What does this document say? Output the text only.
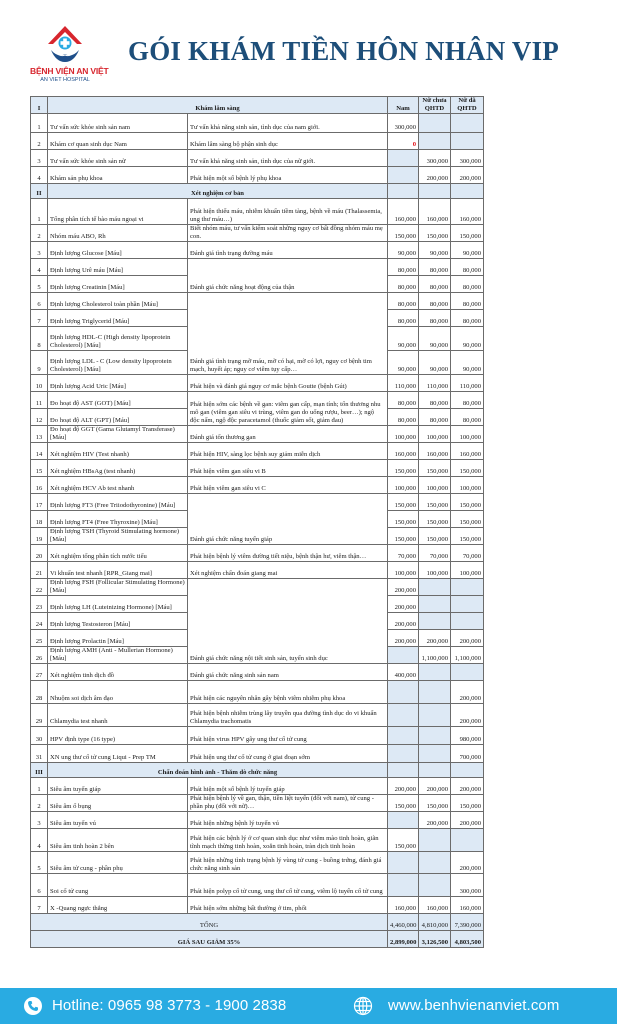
BỆNH VIỆN AN VIỆT
AN VIET HOSPITAL
GÓI KHÁM TIỀN HÔN NHÂN VIP
I	Khám lâm sàng		Nam	Nữ chưa QHTD	Nữ đã QHTD
1	Tư vấn sức khỏe sinh sản nam	Tư vấn khả năng sinh sản, tình dục của nam giới.	300,000		
2	Khám cơ quan sinh dục Nam	Khám lâm sàng bộ phận sinh dục	0		
3	Tư vấn sức khỏe sinh sản nữ	Tư vấn khả năng sinh sản, tình dục của nữ giới.		300,000	300,000
4	Khám sản phụ khoa	Phát hiện một số bệnh lý phụ khoa		200,000	200,000
II	Xét nghiệm cơ bản				
1	Tổng phân tích tế bào máu ngoại vi	Phát hiện thiếu máu, nhiễm khuẩn tiềm tàng, bệnh về máu (Thalassemia, ung thư máu…)	160,000	160,000	160,000
2	Nhóm máu ABO, Rh	Biết nhóm máu, tư vấn kiểm soát những nguy cơ bất đồng nhóm máu mẹ con.	150,000	150,000	150,000
3	Định lượng Glucose [Máu]	Đánh giá tình trạng đường máu	90,000	90,000	90,000
4	Định lượng Urê máu [Máu]	Đánh giá chức năng hoạt động của thận	80,000	80,000	80,000
5	Định lượng Creatinin [Máu]		80,000	80,000	80,000
6	Định lượng Cholesterol toàn phần [Máu]	Đánh giá tình trạng mỡ máu, mỡ có hại, mỡ có lợi, nguy cơ bệnh tim mạch, huyết áp; nguy cơ viêm tụy cấp…	80,000	80,000	80,000
7	Định lượng Triglycerid [Máu]		80,000	80,000	80,000
8	Định lượng HDL-C (High density lipoprotein Cholesterol) [Máu]		90,000	90,000	90,000
9	Định lượng LDL - C (Low density lipoprotein Cholesterol) [Máu]		90,000	90,000	90,000
10	Định lượng Acid Uric [Máu]	Phát hiện và đánh giá nguy cơ mắc bệnh Goutte (bệnh Gút)	110,000	110,000	110,000
11	Đo hoạt độ AST (GOT) [Máu]	Phát hiện sớm các bệnh về gan: viêm gan cấp, mạn tính; tổn thương nhu mô gan (viêm gan siêu vi trùng, viêm gan do uống rượu, beer…); ngộ độc nấm, ngộ độc paracetamol (thuốc giảm sốt, giảm đau)	80,000	80,000	80,000
12	Đo hoạt độ ALT (GPT) [Máu]		80,000	80,000	80,000
13	Đo hoạt độ GGT (Gama Glutamyl Transferase) [Máu]	Đánh giá tổn thương gan	100,000	100,000	100,000
14	Xét nghiệm HIV (Test nhanh)	Phát hiện HIV, sàng lọc bệnh suy giảm miễn dịch	160,000	160,000	160,000
15	Xét nghiệm HBsAg (test nhanh)	Phát hiện viêm gan siêu vi B	150,000	150,000	150,000
16	Xét nghiệm HCV Ab test nhanh	Phát hiện viêm gan siêu vi C	100,000	100,000	100,000
17	Định lượng FT3 (Free Triiodothyronine) [Máu]	Đánh giá chức năng tuyến giáp	150,000	150,000	150,000
18	Định lượng FT4 (Free Thyroxine) [Máu]		150,000	150,000	150,000
19	Định lượng TSH (Thyroid Stimulating hormone) [Máu]		150,000	150,000	150,000
20	Xét nghiệm tổng phân tích nước tiểu	Phát hiện bệnh lý viêm đường tiết niệu, bệnh thận hư, viêm thận…	70,000	70,000	70,000
21	Vi khuẩn test nhanh [RPR_Giang mai]	Xét nghiệm chẩn đoán giang mai	100,000	100,000	100,000
22	Định lượng FSH (Follicular Stimulating Hormone) [Máu]	Đánh giá chức năng nội tiết sinh sản, tuyến sinh dục	200,000		
23	Định lượng LH (Luteinizing Hormone) [Máu]		200,000		
24	Định lượng Testosteron [Máu]		200,000		
25	Định lượng Prolactin [Máu]		200,000	200,000	200,000
26	Định lượng AMH (Anti - Mullerian Hormone) [Máu]			1,100,000	1,100,000
27	Xét nghiệm tinh dịch đồ	Đánh giá chức năng sinh sản nam	400,000		
28	Nhuộm soi dịch âm đạo	Phát hiện các nguyên nhân gây bệnh viêm nhiễm phụ khoa			200,000
29	Chlamydia test nhanh	Phát hiện bệnh nhiễm trùng lây truyền qua đường tình dục do vi khuẩn Chlamydia trachomatis			200,000
30	HPV định type (16 type)	Phát hiện virus HPV gây ung thư cổ tử cung			980,000
31	XN ung thư cổ tử cung Liqui - Prep TM	Phát hiện ung thư cổ tử cung ở giai đoạn sớm			700,000
III	Chẩn đoán hình ảnh - Thăm dò chức năng				
1	Siêu âm tuyến giáp	Phát hiện một số bệnh lý tuyến giáp	200,000	200,000	200,000
2	Siêu âm ổ bụng	Phát hiện bệnh lý về gan, thận, tiền liệt tuyến (đối với nam), tử cung - phần phụ (đối với nữ)…	150,000	150,000	150,000
3	Siêu âm tuyến vú	Phát hiện những bệnh lý tuyến vú		200,000	200,000
4	Siêu âm tinh hoàn 2 bên	Phát hiện các bệnh lý ở cơ quan sinh dục như viêm mào tinh hoàn, giãn tĩnh mạch thừng tinh hoàn, xoắn tinh hoàn, tràn dịch tinh hoàn	150,000		
5	Siêu âm tử cung - phần phụ	Phát hiện những tình trạng bệnh lý vùng tử cung - buồng trứng, đánh giá chức năng sinh sản			200,000
6	Soi cổ tử cung	Phát hiện polyp cổ tử cung, ung thư cổ tử cung, viêm lộ tuyến cổ tử cung			300,000
7	X -Quang ngực thẳng	Phát hiện sớm những bất thường ở tim, phổi	160,000	160,000	160,000
TỔNG			4,460,000	4,810,000	7,390,000
GIÁ SAU GIẢM 35%			2,899,000	3,126,500	4,803,500
Hotline: 0965 98 3773 - 1900 2838	www.benhvienanviet.com
